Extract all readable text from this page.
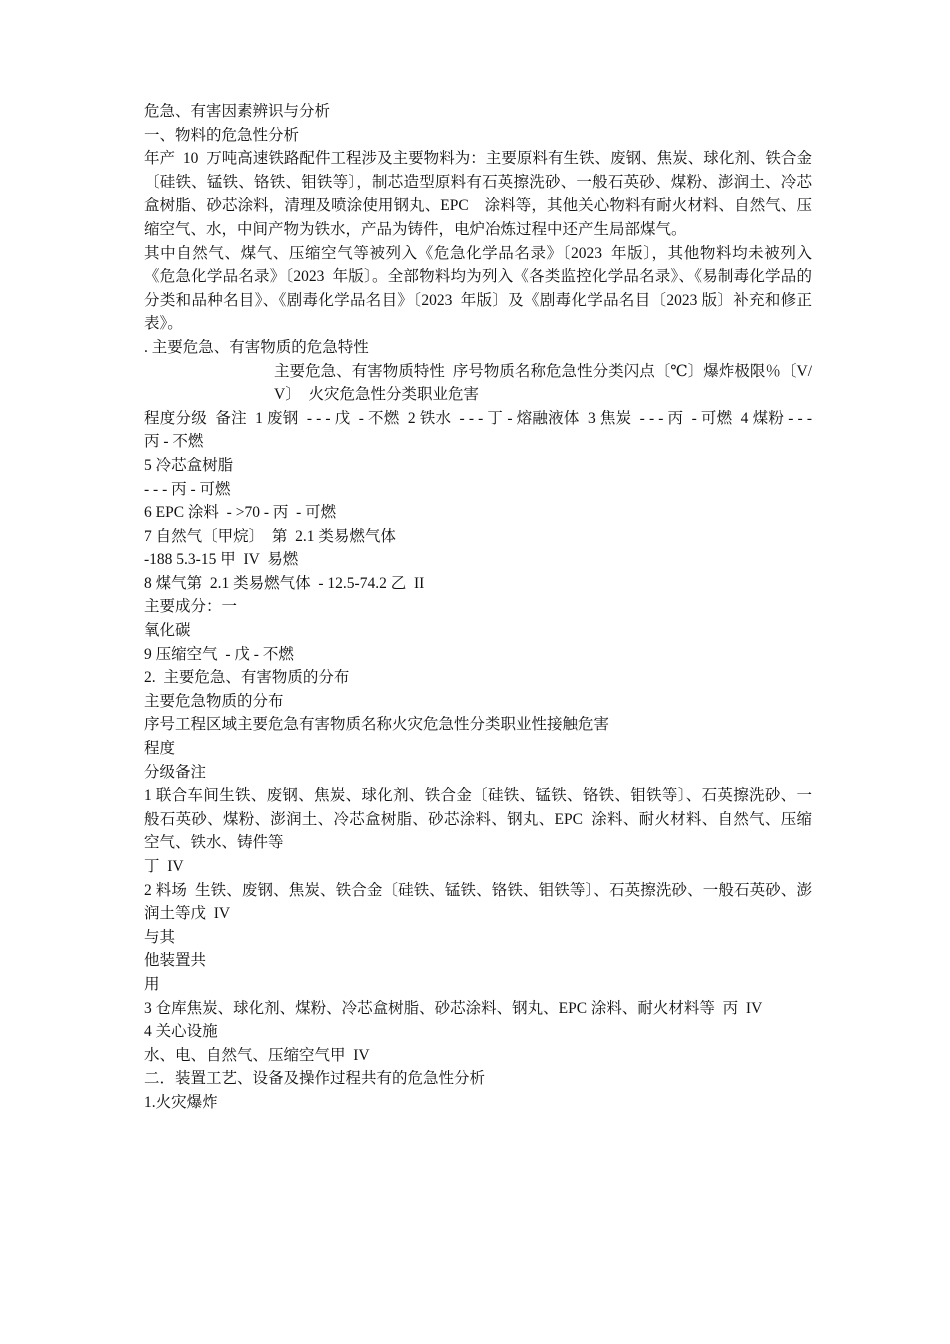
危急、有害因素辨识与分析
一、物料的危急性分析
年产  10  万吨高速铁路配件工程涉及主要物料为：主要原料有生铁、废钢、焦炭、球化剂、铁合金〔硅铁、锰铁、铬铁、钼铁等〕，制芯造型原料有石英擦洗砂、一般石英砂、煤粉、澎润土、冷芯盒树脂、砂芯涂料，清理及喷涂使用钢丸、EPC    涂料等，其他关心物料有耐火材料、自然气、压缩空气、水，中间产物为铁水，产品为铸件，电炉冶炼过程中还产生局部煤气。
其中自然气、煤气、压缩空气等被列入《危急化学品名录》〔2023  年版〕，其他物料均未被列入《危急化学品名录》〔2023  年版〕。全部物料均为列入《各类监控化学品名录》、《易制毒化学品的分类和品种名目》、《剧毒化学品名目》〔2023  年版〕及《剧毒化学品名目〔2023 版〕补充和修正表》。
. 主要危急、有害物质的危急特性
主要危急、有害物质特性  序号物质名称危急性分类闪点〔℃〕爆炸极限％〔V/V〕  火灾危急性分类职业危害
程度分级  备注  1 废钢  - - - 戊  - 不燃  2 铁水  - - - 丁 - 熔融液体  3 焦炭  - - - 丙  - 可燃  4 煤粉 - - - 丙 - 不燃
5 冷芯盒树脂
- - - 丙 - 可燃
6 EPC 涂料  - >70 - 丙  - 可燃
7 自然气〔甲烷〕  第  2.1 类易燃气体
-188 5.3-15 甲  IV  易燃
8 煤气第  2.1 类易燃气体  - 12.5-74.2 乙  II
主要成分：一
氧化碳
9 压缩空气  - 戊 - 不燃
2.  主要危急、有害物质的分布
主要危急物质的分布
序号工程区域主要危急有害物质名称火灾危急性分类职业性接触危害
程度
分级备注
1 联合车间生铁、废钢、焦炭、球化剂、铁合金〔硅铁、锰铁、铬铁、钼铁等〕、石英擦洗砂、一般石英砂、煤粉、澎润土、冷芯盒树脂、砂芯涂料、钢丸、EPC  涂料、耐火材料、自然气、压缩空气、铁水、铸件等
丁  IV
2 料场  生铁、废钢、焦炭、铁合金〔硅铁、锰铁、铬铁、钼铁等〕、石英擦洗砂、一般石英砂、澎润土等戊  IV
与其
他装置共
用
3 仓库焦炭、球化剂、煤粉、冷芯盒树脂、砂芯涂料、钢丸、EPC 涂料、耐火材料等  丙  IV
4 关心设施
水、电、自然气、压缩空气甲  IV
二．装置工艺、设备及操作过程共有的危急性分析
1.火灾爆炸
